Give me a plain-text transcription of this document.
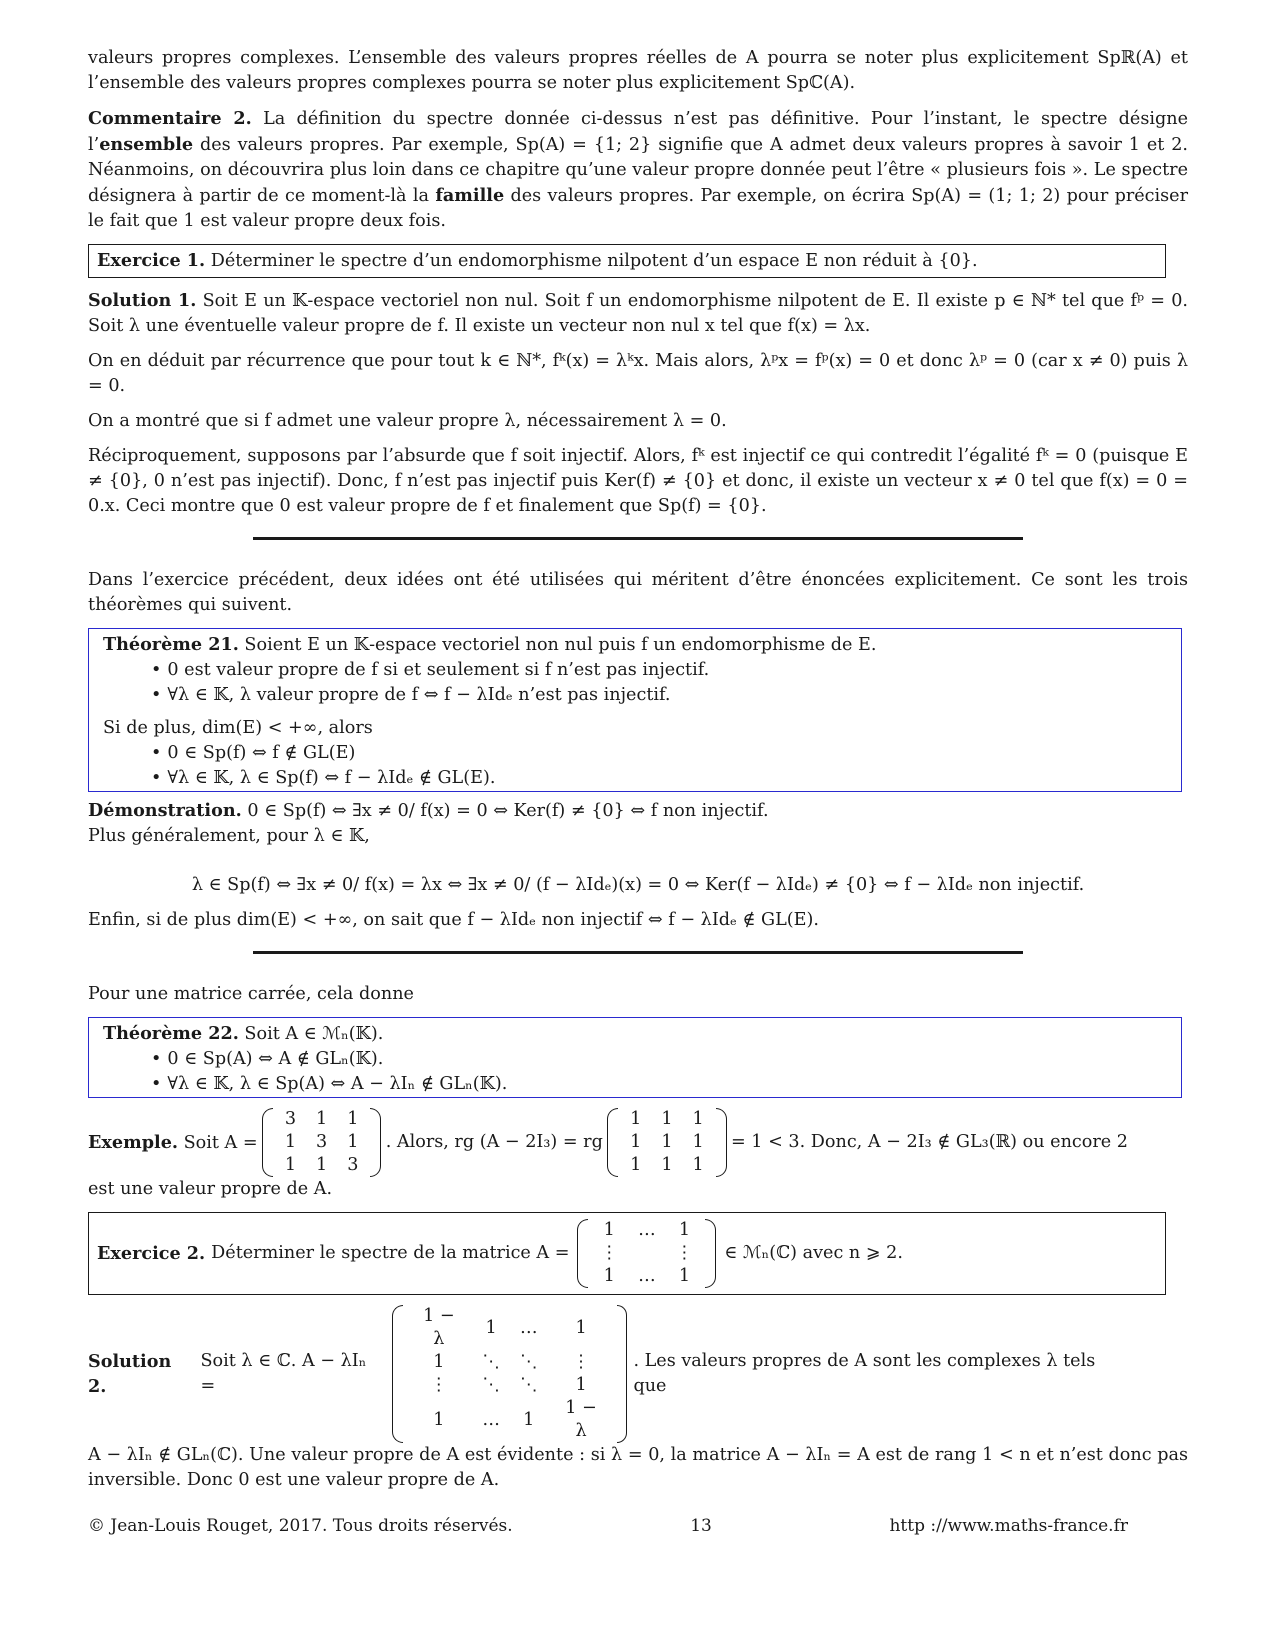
valeurs propres complexes. L’ensemble des valeurs propres réelles de A pourra se noter plus explicitement Spℝ(A) et l’ensemble des valeurs propres complexes pourra se noter plus explicitement Spℂ(A).

Commentaire 2. La définition du spectre donnée ci-dessus n’est pas définitive. Pour l’instant, le spectre désigne l’ensemble des valeurs propres. Par exemple, Sp(A) = {1; 2} signifie que A admet deux valeurs propres à savoir 1 et 2. Néanmoins, on découvrira plus loin dans ce chapitre qu’une valeur propre donnée peut l’être « plusieurs fois ». Le spectre désignera à partir de ce moment-là la famille des valeurs propres. Par exemple, on écrira Sp(A) = (1; 1; 2) pour préciser le fait que 1 est valeur propre deux fois.

Exercice 1. Déterminer le spectre d’un endomorphisme nilpotent d’un espace E non réduit à {0}.

Solution 1. Soit E un 𝕂-espace vectoriel non nul. Soit f un endomorphisme nilpotent de E. Il existe p ∈ ℕ* tel que fᵖ = 0. Soit λ une éventuelle valeur propre de f. Il existe un vecteur non nul x tel que f(x) = λx.

On en déduit par récurrence que pour tout k ∈ ℕ*, fᵏ(x) = λᵏx. Mais alors, λᵖx = fᵖ(x) = 0 et donc λᵖ = 0 (car x ≠ 0) puis λ = 0.

On a montré que si f admet une valeur propre λ, nécessairement λ = 0.

Réciproquement, supposons par l’absurde que f soit injectif. Alors, fᵏ est injectif ce qui contredit l’égalité fᵏ = 0 (puisque E ≠ {0}, 0 n’est pas injectif). Donc, f n’est pas injectif puis Ker(f) ≠ {0} et donc, il existe un vecteur x ≠ 0 tel que f(x) = 0 = 0.x. Ceci montre que 0 est valeur propre de f et finalement que Sp(f) = {0}.

Dans l’exercice précédent, deux idées ont été utilisées qui méritent d’être énoncées explicitement. Ce sont les trois théorèmes qui suivent.

Théorème 21. Soient E un 𝕂-espace vectoriel non nul puis f un endomorphisme de E.
• 0 est valeur propre de f si et seulement si f n’est pas injectif.
• ∀λ ∈ 𝕂, λ valeur propre de f ⇔ f − λIdₑ n’est pas injectif.
Si de plus, dim(E) < +∞, alors
• 0 ∈ Sp(f) ⇔ f ∉ GL(E)
• ∀λ ∈ 𝕂, λ ∈ Sp(f) ⇔ f − λIdₑ ∉ GL(E).
Démonstration. 0 ∈ Sp(f) ⇔ ∃x ≠ 0/ f(x) = 0 ⇔ Ker(f) ≠ {0} ⇔ f non injectif.
Plus généralement, pour λ ∈ 𝕂,
λ ∈ Sp(f) ⇔ ∃x ≠ 0/ f(x) = λx ⇔ ∃x ≠ 0/ (f − λIdₑ)(x) = 0 ⇔ Ker(f − λIdₑ) ≠ {0} ⇔ f − λIdₑ non injectif.

Enfin, si de plus dim(E) < +∞, on sait que f − λIdₑ non injectif ⇔ f − λIdₑ ∉ GL(E).

Pour une matrice carrée, cela donne

Théorème 22. Soit A ∈ ℳₙ(𝕂).
• 0 ∈ Sp(A) ⇔ A ∉ GLₙ(𝕂).
• ∀λ ∈ 𝕂, λ ∈ Sp(A) ⇔ A − λIₙ ∉ GLₙ(𝕂).
Exemple. Soit A =
3	1	1
1	3	1
1	1	3
. Alors, rg (A − 2I₃) = rg
1	1	1
1	1	1
1	1	1
= 1 < 3. Donc, A − 2I₃ ∉ GL₃(ℝ) ou encore 2

est une valeur propre de A.

Exercice 2. Déterminer le spectre de la matrice A =
1	…	1
⋮		⋮
1	…	1
∈ ℳₙ(ℂ) avec n ⩾ 2.
Solution 2.
Soit λ ∈ ℂ. A − λIₙ =
1 − λ	1	…	1
1	⋱	⋱	⋮
⋮	⋱	⋱	1
1	…	1	1 − λ
. Les valeurs propres de A sont les complexes λ tels que

A − λIₙ ∉ GLₙ(ℂ). Une valeur propre de A est évidente : si λ = 0, la matrice A − λIₙ = A est de rang 1 < n et n’est donc pas inversible. Donc 0 est une valeur propre de A.

© Jean-Louis Rouget, 2017. Tous droits réservés.	13	http ://www.maths-france.fr
